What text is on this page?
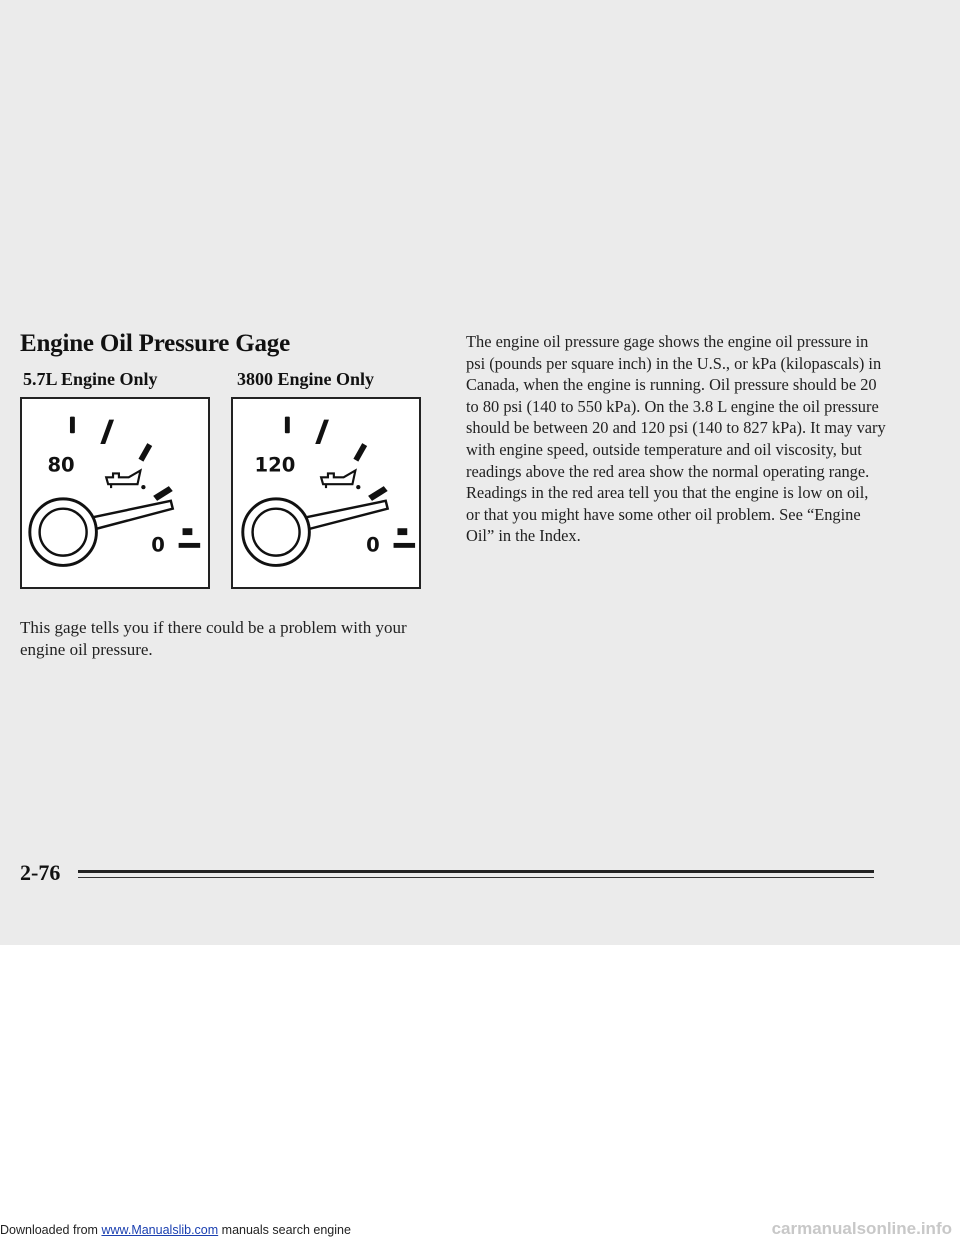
Engine Oil Pressure Gage
5.7L Engine Only	3800 Engine Only
80
0
120
0
This gage tells you if there could be a problem with your engine oil pressure.
The engine oil pressure gage shows the engine oil pressure in psi (pounds per square inch) in the U.S., or kPa (kilopascals) in Canada, when the engine is running. Oil pressure should be 20 to 80 psi (140 to 550 kPa). On the 3.8 L engine the oil pressure should be between 20 and 120 psi (140 to 827 kPa). It may vary with engine speed, outside temperature and oil viscosity, but readings above the red area show the normal operating range. Readings in the red area tell you that the engine is low on oil, or that you might have some other oil problem. See “Engine Oil” in the Index.
2-76
Downloaded from www.Manualslib.com manuals search engine	carmanualsonline.info
